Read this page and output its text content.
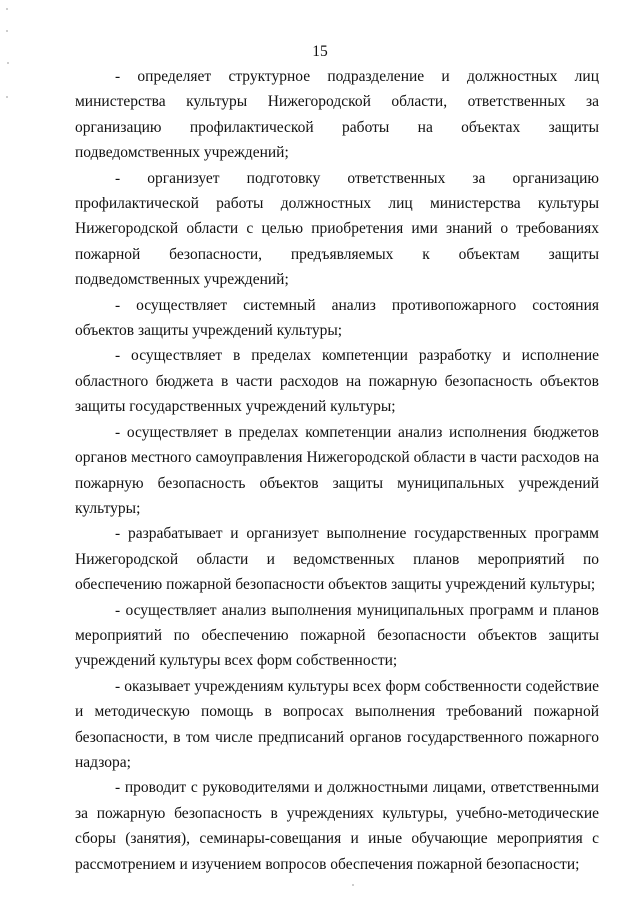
15

- определяет структурное подразделение и должностных лиц министерства культуры Нижегородской области, ответственных за организацию профилактической работы на объектах защиты подведомственных учреждений;

- организует подготовку ответственных за организацию профилактической работы должностных лиц министерства культуры Нижегородской области с целью приобретения ими знаний о требованиях пожарной безопасности, предъявляемых к объектам защиты подведомственных учреждений;

- осуществляет системный анализ противопожарного состояния объектов защиты учреждений культуры;

- осуществляет в пределах компетенции разработку и исполнение областного бюджета в части расходов на пожарную безопасность объектов защиты государственных учреждений культуры;

- осуществляет в пределах компетенции анализ исполнения бюджетов органов местного самоуправления Нижегородской области в части расходов на пожарную безопасность объектов защиты муниципальных учреждений культуры;

- разрабатывает и организует выполнение государственных программ Нижегородской области и ведомственных планов мероприятий по обеспечению пожарной безопасности объектов защиты учреждений культуры;

- осуществляет анализ выполнения муниципальных программ и планов мероприятий по обеспечению пожарной безопасности объектов защиты учреждений культуры всех форм собственности;

- оказывает учреждениям культуры всех форм собственности содействие и методическую помощь в вопросах выполнения требований пожарной безопасности, в том числе предписаний органов государственного пожарного надзора;

- проводит с руководителями и должностными лицами, ответственными за пожарную безопасность в учреждениях культуры, учебно-методические сборы (занятия), семинары-совещания и иные обучающие мероприятия с рассмотрением и изучением вопросов обеспечения пожарной безопасности;
